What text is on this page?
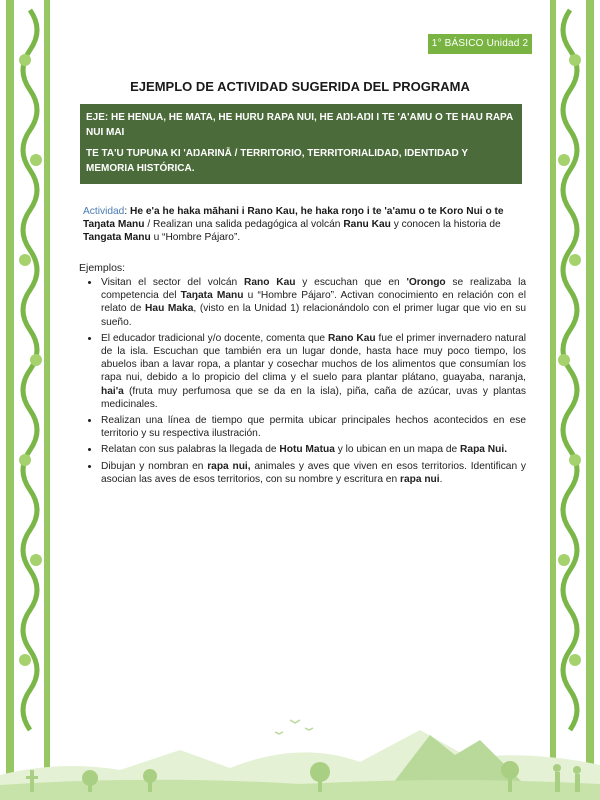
1° BÁSICO Unidad 2
EJEMPLO DE ACTIVIDAD SUGERIDA DEL PROGRAMA

EJE: HE HENUA, HE MATA, HE HURU RAPA NUI, HE AŊI-AŊI I TE 'A'AMU O TE HAU RAPA NUI MAI

TE TA'U TUPUNA KI 'AŊARINĀ / TERRITORIO, TERRITORIALIDAD, IDENTIDAD Y MEMORIA HISTÓRICA.

Actividad: He e'a he haka māhani i Rano Kau, he haka roŋo i te 'a'amu o te Koro Nui o te Taŋata Manu / Realizan una salida pedagógica al volcán Ranu Kau y conocen la historia de Tangata Manu u “Hombre Pájaro”.
Ejemplos:
• Visitan el sector del volcán Rano Kau y escuchan que en 'Orongo se realizaba la competencia del Taŋata Manu u “Hombre Pájaro”. Activan conocimiento en relación con el relato de Hau Maka, (visto en la Unidad 1) relacionándolo con el primer lugar que vio en su sueño.
• El educador tradicional y/o docente, comenta que Rano Kau fue el primer invernadero natural de la isla. Escuchan que también era un lugar donde, hasta hace muy poco tiempo, los abuelos iban a lavar ropa, a plantar y cosechar muchos de los alimentos que consumían los rapa nui, debido a lo propicio del clima y el suelo para plantar plátano, guayaba, naranja, hai'a (fruta muy perfumosa que se da en la isla), piña, caña de azúcar, uvas y plantas medicinales.
• Realizan una línea de tiempo que permita ubicar principales hechos acontecidos en ese territorio y su respectiva ilustración.
• Relatan con sus palabras la llegada de Hotu Matua y lo ubican en un mapa de Rapa Nui.
• Dibujan y nombran en rapa nui, animales y aves que viven en esos territorios. Identifican y asocian las aves de esos territorios, con su nombre y escritura en rapa nui.
